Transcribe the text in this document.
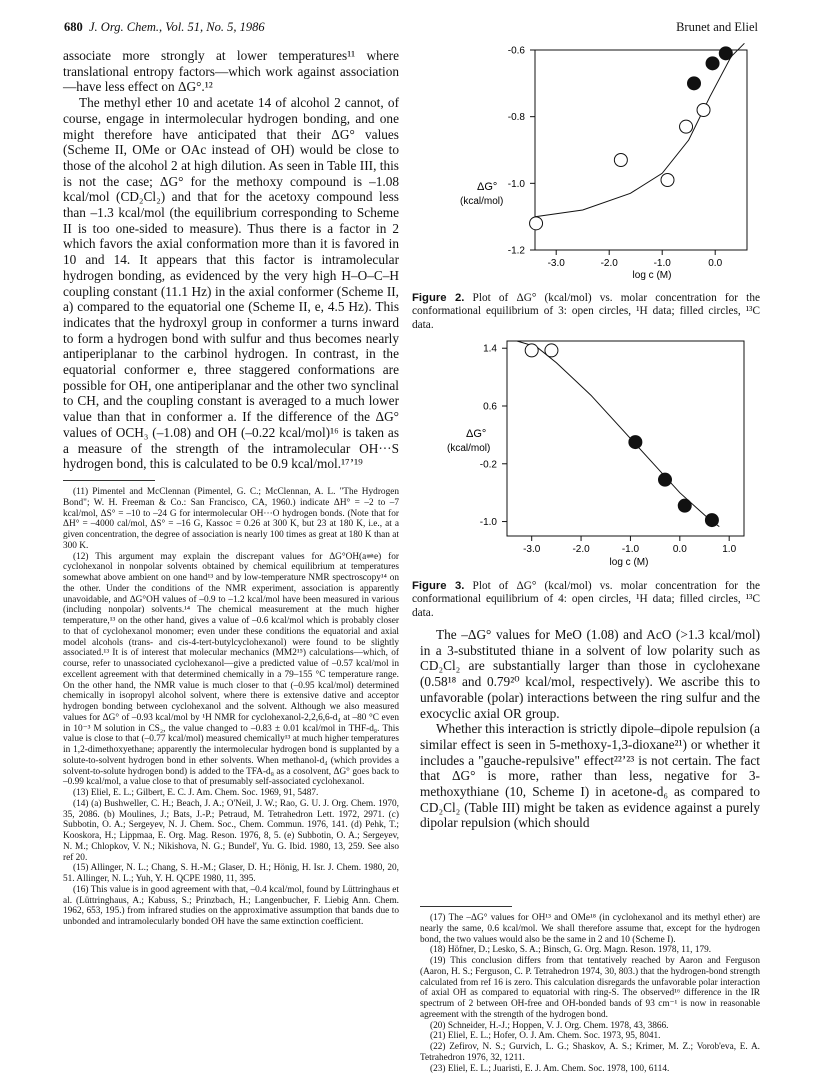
680 J. Org. Chem., Vol. 51, No. 5, 1986	Brunet and Eliel

associate more strongly at lower temperatures¹¹ where translational entropy factors—which work against association—have less effect on ΔG°.¹²

The methyl ether 10 and acetate 14 of alcohol 2 cannot, of course, engage in intermolecular hydrogen bonding, and one might therefore have anticipated that their ΔG° values (Scheme II, OMe or OAc instead of OH) would be close to those of the alcohol 2 at high dilution. As seen in Table III, this is not the case; ΔG° for the methoxy compound is –1.08 kcal/mol (CD₂Cl₂) and that for the acetoxy compound less than –1.3 kcal/mol (the equilibrium corresponding to Scheme II is too one-sided to measure). Thus there is a factor in 2 which favors the axial conformation more than it is favored in 10 and 14. It appears that this factor is intramolecular hydrogen bonding, as evidenced by the very high H–O–C–H coupling constant (11.1 Hz) in the axial conformer (Scheme II, a) compared to the equatorial one (Scheme II, e, 4.5 Hz). This indicates that the hydroxyl group in conformer a turns inward to form a hydrogen bond with sulfur and thus becomes nearly antiperiplanar to the carbinol hydrogen. In contrast, in the equatorial conformer e, three staggered conformations are possible for OH, one antiperiplanar and the other two synclinal to CH, and the coupling constant is averaged to a much lower value than that in conformer a. If the difference of the ΔG° values of OCH₃ (–1.08) and OH (–0.22 kcal/mol)¹⁶ is taken as a measure of the strength of the intramolecular OH···S hydrogen bond, this is calculated to be 0.9 kcal/mol.¹⁷ʼ¹⁹

(11) Pimentel and McClennan (Pimentel, G. C.; McClennan, A. L. "The Hydrogen Bond"; W. H. Freeman & Co.: San Francisco, CA, 1960.) indicate ΔH° = –2 to –7 kcal/mol, ΔS° = –10 to –24 G for intermolecular OH···O hydrogen bonds. (Note that for ΔH° = –4000 cal/mol, ΔS° = –16 G, Kassoc = 0.26 at 300 K, but 23 at 180 K, i.e., at a given concentration, the degree of association is nearly 100 times as great at 180 K than at 300 K.

(12) This argument may explain the discrepant values for ΔG°OH(a⇌e) for cyclohexanol in nonpolar solvents obtained by chemical equilibrium at temperatures somewhat above ambient on one hand¹³ and by low-temperature NMR spectroscopy¹⁴ on the other. Under the conditions of the NMR experiment, association is apparently unavoidable, and ΔG°OH values of –0.9 to –1.2 kcal/mol have been measured in various (including nonpolar) solvents.¹⁴ The chemical measurement at the much higher temperature,¹³ on the other hand, gives a value of –0.6 kcal/mol which is probably closer to that of cyclohexanol monomer; even under these conditions the equatorial and axial model alcohols (trans- and cis-4-tert-butylcyclohexanol) were found to be slightly associated.¹³ It is of interest that molecular mechanics (MM2¹⁵) calculations—which, of course, refer to unassociated cyclohexanol—give a predicted value of –0.57 kcal/mol in excellent agreement with that determined chemically in a 79–155 °C temperature range. On the other hand, the NMR value is much closer to that (–0.95 kcal/mol) determined chemically in isopropyl alcohol solvent, where there is extensive dative and acceptor hydrogen bonding between cyclohexanol and the solvent. Although we also measured values for ΔG° of –0.93 kcal/mol by ¹H NMR for cyclohexanol-2,2,6,6-d₄ at –80 °C even in 10⁻³ M solution in CS₂, the value changed to –0.83 ± 0.01 kcal/mol in THF-d₈. This value is close to that (–0.77 kcal/mol) measured chemically¹³ at much higher temperatures in 1,2-dimethoxyethane; apparently the intermolecular hydrogen bond is supplanted by a solute-to-solvent hydrogen bond in ether solvents. When methanol-d₄ (which provides a solvent-to-solute hydrogen bond) is added to the TFA-d₈ as a cosolvent, ΔG° goes back to –0.99 kcal/mol, a value close to that of presumably self-associated cyclohexanol.

(13) Eliel, E. L.; Gilbert, E. C. J. Am. Chem. Soc. 1969, 91, 5487.

(14) (a) Bushweller, C. H.; Beach, J. A.; O'Neil, J. W.; Rao, G. U. J. Org. Chem. 1970, 35, 2086. (b) Moulines, J.; Bats, J.-P.; Petraud, M. Tetrahedron Lett. 1972, 2971. (c) Subbotin, O. A.; Sergeyev, N. J. Chem. Soc., Chem. Commun. 1976, 141. (d) Pehk, T.; Kooskora, H.; Lippmaa, E. Org. Mag. Reson. 1976, 8, 5. (e) Subbotin, O. A.; Sergeyev, N. M.; Chlopkov, V. N.; Nikishova, N. G.; Bundel', Yu. G. Ibid. 1980, 13, 259. See also ref 20.

(15) Allinger, N. L.; Chang, S. H.-M.; Glaser, D. H.; Hönig, H. Isr. J. Chem. 1980, 20, 51. Allinger, N. L.; Yuh, Y. H. QCPE 1980, 11, 395.

(16) This value is in good agreement with that, –0.4 kcal/mol, found by Lüttringhaus et al. (Lüttringhaus, A.; Kabuss, S.; Prinzbach, H.; Langenbucher, F. Liebig Ann. Chem. 1962, 653, 195.) from infrared studies on the approximative assumption that bands due to unbonded and intramolecularly bonded OH have the same extinction coefficient.

ΔG°
(kcal/mol)
log c (M)
-3.0	-2.0	-1.0	0.0
-0.6
-0.8
-1.0
-1.2
Figure 2. Plot of ΔG° (kcal/mol) vs. molar concentration for the conformational equilibrium of 3: open circles, ¹H data; filled circles, ¹³C data.
ΔG°
(kcal/mol)
log c (M)
-3.0	-2.0	-1.0	0.0	1.0
1.4
0.6
-0.2
-1.0
Figure 3. Plot of ΔG° (kcal/mol) vs. molar concentration for the conformational equilibrium of 4: open circles, ¹H data; filled circles, ¹³C data.

The –ΔG° values for MeO (1.08) and AcO (>1.3 kcal/mol) in a 3-substituted thiane in a solvent of low polarity such as CD₂Cl₂ are substantially larger than those in cyclohexane (0.58¹⁸ and 0.79²⁰ kcal/mol, respectively). We ascribe this to unfavorable (polar) interactions between the ring sulfur and the exocyclic axial OR group.

Whether this interaction is strictly dipole–dipole repulsion (a similar effect is seen in 5-methoxy-1,3-dioxane²¹) or whether it includes a "gauche-repulsive" effect²²ʼ²³ is not certain. The fact that ΔG° is more, rather than less, negative for 3-methoxythiane (10, Scheme I) in acetone-d₆ as compared to CD₂Cl₂ (Table III) might be taken as evidence against a purely dipolar repulsion (which should

(17) The –ΔG° values for OH¹³ and OMe¹⁸ (in cyclohexanol and its methyl ether) are nearly the same, 0.6 kcal/mol. We shall therefore assume that, except for the hydrogen bond, the two values would also be the same in 2 and 10 (Scheme I).

(18) Höfner, D.; Lesko, S. A.; Binsch, G. Org. Magn. Reson. 1978, 11, 179.

(19) This conclusion differs from that tentatively reached by Aaron and Ferguson (Aaron, H. S.; Ferguson, C. P. Tetrahedron 1974, 30, 803.) that the hydrogen-bond strength calculated from ref 16 is zero. This calculation disregards the unfavorable polar interaction of axial OH as compared to equatorial with ring-S. The observed¹⁶ difference in the IR spectrum of 2 between OH-free and OH-bonded bands of 93 cm⁻¹ is now in reasonable agreement with the strength of the hydrogen bond.

(20) Schneider, H.-J.; Hoppen, V. J. Org. Chem. 1978, 43, 3866.

(21) Eliel, E. L.; Hofer, O. J. Am. Chem. Soc. 1973, 95, 8041.

(22) Zefirov, N. S.; Gurvich, L. G.; Shaskov, A. S.; Krimer, M. Z.; Vorob'eva, E. A. Tetrahedron 1976, 32, 1211.

(23) Eliel, E. L.; Juaristi, E. J. Am. Chem. Soc. 1978, 100, 6114.
